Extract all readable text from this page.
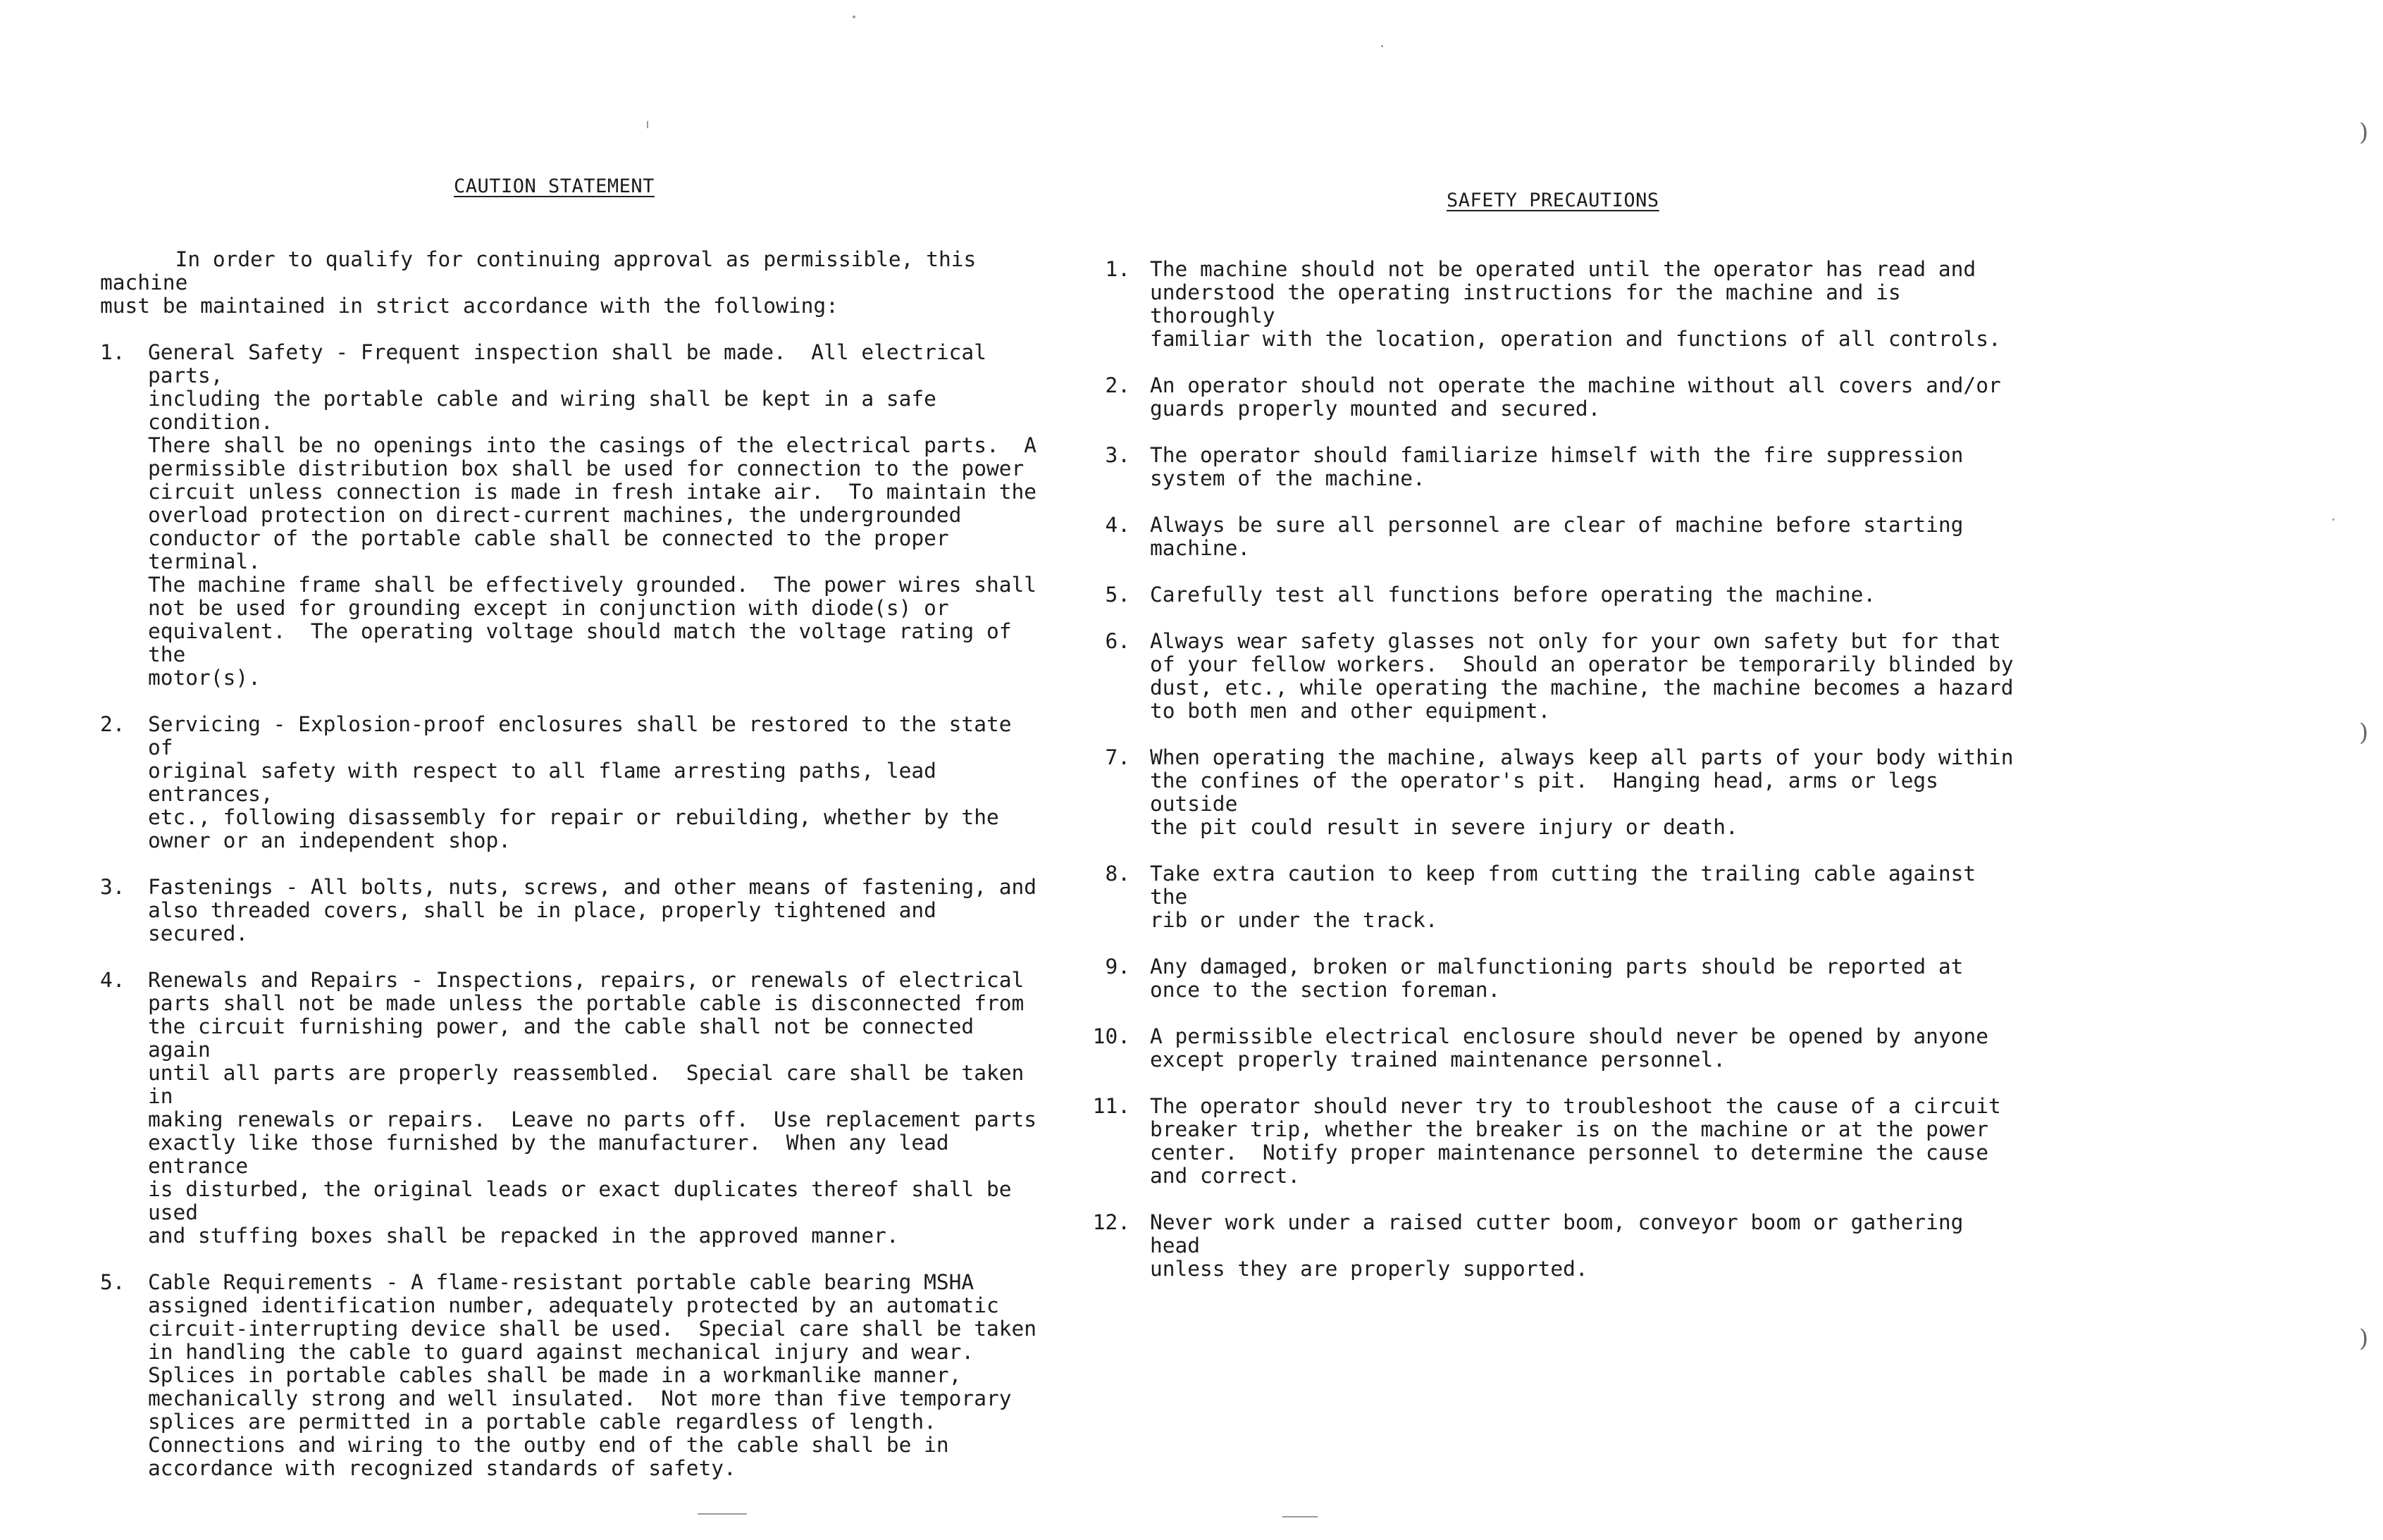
CAUTION STATEMENT
In order to qualify for continuing approval as permissible, this machine
must be maintained in strict accordance with the following:
1.	General Safety - Frequent inspection shall be made.  All electrical parts,
including the portable cable and wiring shall be kept in a safe condition.
There shall be no openings into the casings of the electrical parts.  A
permissible distribution box shall be used for connection to the power
circuit unless connection is made in fresh intake air.  To maintain the
overload protection on direct-current machines, the undergrounded
conductor of the portable cable shall be connected to the proper terminal.
The machine frame shall be effectively grounded.  The power wires shall
not be used for grounding except in conjunction with diode(s) or
equivalent.  The operating voltage should match the voltage rating of the
motor(s).
2.	Servicing - Explosion-proof enclosures shall be restored to the state of
original safety with respect to all flame arresting paths, lead entrances,
etc., following disassembly for repair or rebuilding, whether by the
owner or an independent shop.
3.	Fastenings - All bolts, nuts, screws, and other means of fastening, and
also threaded covers, shall be in place, properly tightened and secured.
4.	Renewals and Repairs - Inspections, repairs, or renewals of electrical
parts shall not be made unless the portable cable is disconnected from
the circuit furnishing power, and the cable shall not be connected again
until all parts are properly reassembled.  Special care shall be taken in
making renewals or repairs.  Leave no parts off.  Use replacement parts
exactly like those furnished by the manufacturer.  When any lead entrance
is disturbed, the original leads or exact duplicates thereof shall be used
and stuffing boxes shall be repacked in the approved manner.
5.	Cable Requirements - A flame-resistant portable cable bearing MSHA
assigned identification number, adequately protected by an automatic
circuit-interrupting device shall be used.  Special care shall be taken
in handling the cable to guard against mechanical injury and wear.
Splices in portable cables shall be made in a workmanlike manner,
mechanically strong and well insulated.  Not more than five temporary
splices are permitted in a portable cable regardless of length.
Connections and wiring to the outby end of the cable shall be in
accordance with recognized standards of safety.
SAFETY PRECAUTIONS
1. The machine should not be operated until the operator has read and
understood the operating instructions for the machine and is thoroughly
familiar with the location, operation and functions of all controls.
2. An operator should not operate the machine without all covers and/or
guards properly mounted and secured.
3. The operator should familiarize himself with the fire suppression
system of the machine.
4. Always be sure all personnel are clear of machine before starting
machine.
5. Carefully test all functions before operating the machine.
6. Always wear safety glasses not only for your own safety but for that
of your fellow workers.  Should an operator be temporarily blinded by
dust, etc., while operating the machine, the machine becomes a hazard
to both men and other equipment.
7. When operating the machine, always keep all parts of your body within
the confines of the operator's pit.  Hanging head, arms or legs outside
the pit could result in severe injury or death.
8. Take extra caution to keep from cutting the trailing cable against the
rib or under the track.
9. Any damaged, broken or malfunctioning parts should be reported at
once to the section foreman.
10. A permissible electrical enclosure should never be opened by anyone
except properly trained maintenance personnel.
11. The operator should never try to troubleshoot the cause of a circuit
breaker trip, whether the breaker is on the machine or at the power
center.  Notify proper maintenance personnel to determine the cause
and correct.
12. Never work under a raised cutter boom, conveyor boom or gathering head
unless they are properly supported.
)
)
)
